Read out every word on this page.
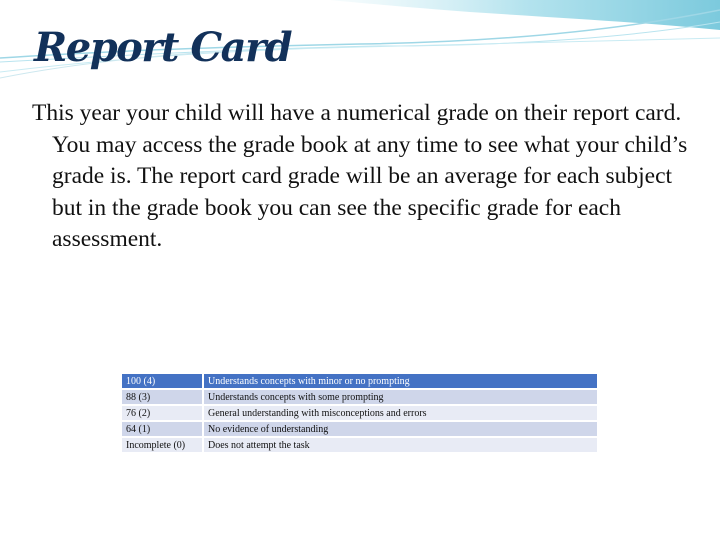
Report Card

This year your child will have a numerical grade on their report card. You may access the grade book at any time to see what your child’s grade is. The report card grade will be an average for each subject but in the grade book you can see the specific grade for each assessment.

100 (4)	Understands concepts with minor or no prompting
88 (3)	Understands concepts with some prompting
76 (2)	General understanding with misconceptions and errors
64 (1)	No evidence of understanding
Incomplete (0)	Does not attempt the task
